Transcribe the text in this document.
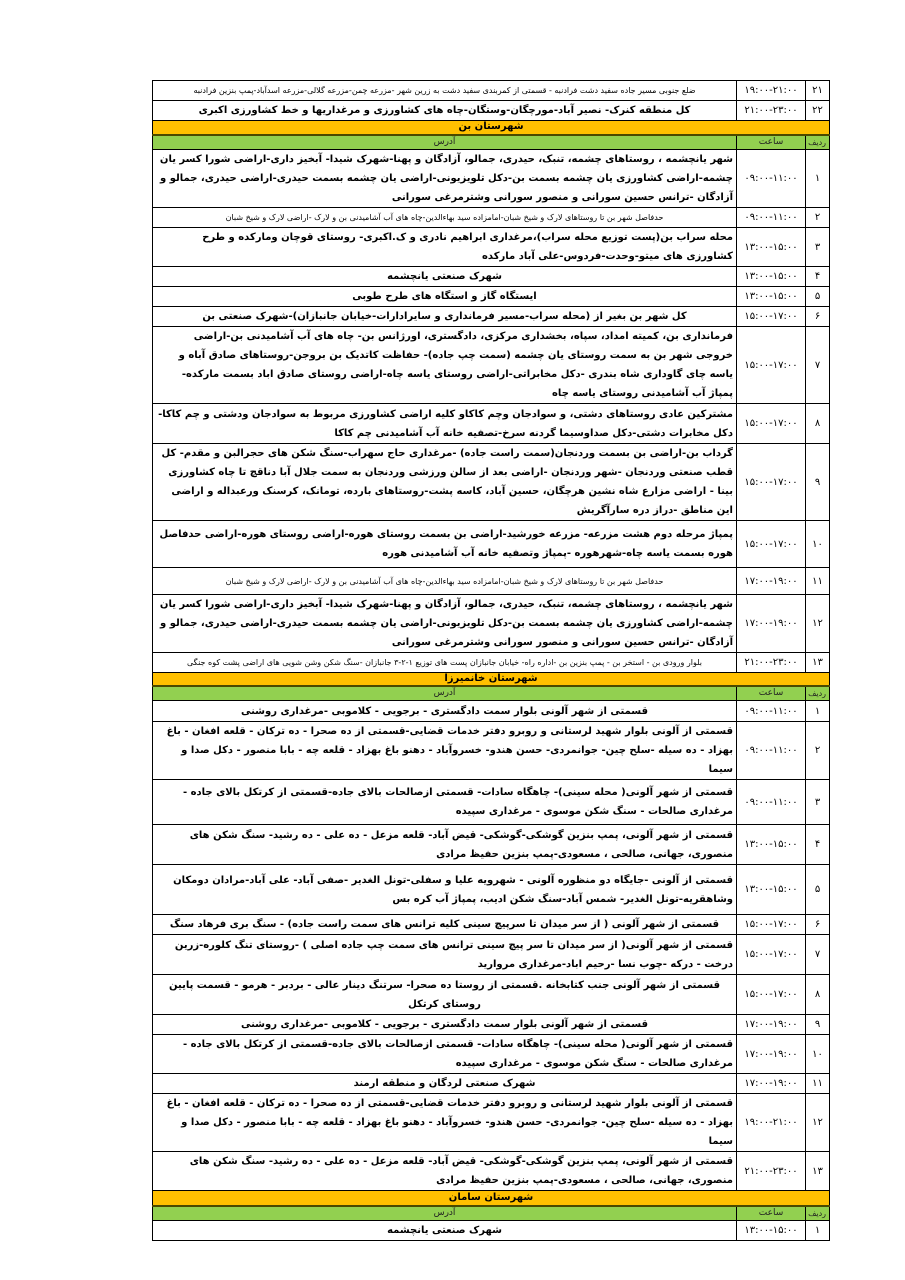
۲۱	۱۹:۰۰-۲۱:۰۰	ضلع جنوبی مسیر جاده سفید دشت فرادنبه - قسمتی از کمربندی سفید دشت به زرین شهر -مزرعه چمن-مزرعه گلالی-مزرعه اسدآباد-پمپ بنزین فرادنبه
۲۲	۲۱:۰۰-۲۳:۰۰	کل منطقه کنرک- نصیر آباد-مورچگان-وستگان-چاه های کشاورزی و مرغداریها و خط کشاورزی اکبری
شهرستان بن		
ردیف	ساعت	آدرس
۱	۰۹:۰۰-۱۱:۰۰	شهر یانچشمه ، روستاهای چشمه، تنبک، حیدری، جمالو، آزادگان و پهنا-شهرک شیدا- آبخیز داری-اراضی شورا کسر یان چشمه-اراضی کشاورزی یان چشمه بسمت بن-دکل تلویزیونی-اراضی یان چشمه بسمت حیدری-اراضی حیدری، جمالو و آزادگان -ترانس حسین سورانی و منصور سورانی وشترمرغی سورانی
۲	۰۹:۰۰-۱۱:۰۰	حدفاصل شهر بن تا روستاهای لارک و شیخ شبان-امامزاده سید بهاءالدین-چاه های آب آشامیدنی بن و لارک -اراضی لارک و شیخ شبان
۳	۱۳:۰۰-۱۵:۰۰	محله سراب بن(پست توزیع محله سراب)،مرغداری ابراهیم نادری و ک.اکبری- روستای قوچان ومارکده و طرح کشاورزی های میتو-وحدت-فردوس-علی آباد مارکده
۴	۱۳:۰۰-۱۵:۰۰	شهرک صنعتی یانچشمه
۵	۱۳:۰۰-۱۵:۰۰	ایستگاه گاز و استگاه های طرح طوبی
۶	۱۵:۰۰-۱۷:۰۰	کل شهر بن بغیر از (محله سراب-مسیر فرمانداری و سایرادارات-خیابان جانبازان)-شهرک صنعتی بن
۷	۱۵:۰۰-۱۷:۰۰	فرمانداری بن، کمیته امداد، سپاه، بخشداری مرکزی، دادگستری، اورژانس بن- چاه های آب آشامیدنی بن-اراضی خروجی شهر بن به سمت روستای یان چشمه (سمت چپ جاده)- حفاظت کاتدیک بن بروجن-روستاهای صادق آباه و یاسه چای گاوداری شاه بندری -دکل مخابراتی-اراضی روستای یاسه چاه-اراضی روستای صادق اباد بسمت مارکده- پمپاژ آب آشامیدنی روستای یاسه چاه
۸	۱۵:۰۰-۱۷:۰۰	مشترکین عادی روستاهای دشتی، و سوادجان وچم کاکاو کلیه اراضی کشاورزی مربوط به سوادجان ودشتی و چم کاکا-دکل مخابرات دشتی-دکل صداوسیما گردنه سرخ-تصفیه خانه آب آشامیدنی چم کاکا
۹	۱۵:۰۰-۱۷:۰۰	گرداب بن-اراضی بن بسمت وردنجان(سمت راست جاده) -مرغداری حاج سهراب-سنگ شکن های حجرالبن و مقدم- کل قطب صنعتی وردنجان -شهر وردنجان -اراضی بعد از سالن ورزشی وردنجان به سمت جلال آبا دناقچ تا چاه کشاورزی بینا - اراضی مزارع شاه نشین هرچگان، حسین آباد، کاسه پشت-روستاهای بارده، تومانک، کرسنک ورعبداله و اراضی این مناطق -دراز دره سارآگریش
۱۰	۱۵:۰۰-۱۷:۰۰	پمپاژ مرحله دوم هشت مزرعه- مزرعه خورشید-اراضی بن بسمت روستای هوره-اراضی روستای هوره-اراضی حدفاصل هوره بسمت یاسه چاه-شهرهوره -پمپاژ وتصفیه خانه آب آشامیدنی هوره
۱۱	۱۷:۰۰-۱۹:۰۰	حدفاصل شهر بن تا روستاهای لارک و شیخ شبان-امامزاده سید بهاءالدین-چاه های آب آشامیدنی بن و لارک -اراضی لارک و شیخ شبان
۱۲	۱۷:۰۰-۱۹:۰۰	شهر یانچشمه ، روستاهای چشمه، تنبک، حیدری، جمالو، آزادگان و پهنا-شهرک شیدا- آبخیز داری-اراضی شورا کسر یان چشمه-اراضی کشاورزی یان چشمه بسمت بن-دکل تلویزیونی-اراضی یان چشمه بسمت حیدری-اراضی حیدری، جمالو و آزادگان -ترانس حسین سورانی و منصور سورانی وشترمرغی سورانی
۱۳	۲۱:۰۰-۲۳:۰۰	بلوار ورودی بن - استخر بن - پمپ بنزین بن -اداره راه- خیابان جانبازان پست های توزیع ۱-۲-۳ جانبازان -سنگ شکن وشن شویی های اراضی پشت کوه جنگی
شهرستان خانمیرزا		
ردیف	ساعت	آدرس
۱	۰۹:۰۰-۱۱:۰۰	قسمتی از شهر آلونی بلوار سمت دادگستری - برجویی - کلاموبی -مرغداری روشنی
۲	۰۹:۰۰-۱۱:۰۰	قسمتی از آلونی بلوار شهید لرستانی و روبرو دفتر خدمات قضایی-قسمتی از ده صحرا - ده ترکان - قلعه افغان - باغ بهزاد - ده سیله -سلح چین- جوانمردی- حسن هندو- خسروآباد - دهنو باغ بهزاد - قلعه چه - بابا منصور - دکل صدا و سیما
۳	۰۹:۰۰-۱۱:۰۰	قسمتی از شهر آلونی( محله سینی)- چاهگاه سادات- قسمتی ازصالحات بالای جاده-قسمتی از کرتکل بالای جاده - مرغداری صالحات - سنگ شکن موسوی - مرغداری سپیده
۴	۱۳:۰۰-۱۵:۰۰	قسمتی از شهر آلونی، پمپ بنزین گوشکی-گوشکی- قیض آباد- قلعه مزعل - ده علی - ده رشید- سنگ شکن های منصوری، جهانی، صالحی ، مسعودی-پمپ بنزین حفیظ مرادی
۵	۱۳:۰۰-۱۵:۰۰	قسمتی از آلونی -جایگاه دو منظوره آلونی - شهرویه علیا و سفلی-تونل الغدیر -صفی آباد- علی آباد-مرادان دومکان وشاهقریه-تونل الغدیر- شمس آباد-سنگ شکن ادیب، پمپاژ آب کره بس
۶	۱۵:۰۰-۱۷:۰۰	قسمتی از شهر آلونی ( از سر میدان تا سرپیچ سینی کلیه ترانس های سمت راست جاده) - سنگ بری فرهاد سنگ
۷	۱۵:۰۰-۱۷:۰۰	قسمتی از شهر آلونی( از سر میدان تا سر پیچ سینی ترانس های سمت چپ جاده اصلی ) -روستای تنگ کلوره-زرین درخت - درکه -چوب نسا -رحیم اباد-مرغداری مروارید
۸	۱۵:۰۰-۱۷:۰۰	قسمتی از شهر آلونی جنب کتابخانه .قسمتی از روستا ده صحرا- سرتنگ دینار عالی - بردبر - هرمو - قسمت پایین روستای کرتکل
۹	۱۷:۰۰-۱۹:۰۰	قسمتی از شهر آلونی بلوار سمت دادگستری - برجویی - کلاموبی -مرغداری روشنی
۱۰	۱۷:۰۰-۱۹:۰۰	قسمتی از شهر آلونی( محله سینی)- چاهگاه سادات- قسمتی ازصالحات بالای جاده-قسمتی از کرتکل بالای جاده - مرغداری صالحات - سنگ شکن موسوی - مرغداری سپیده
۱۱	۱۷:۰۰-۱۹:۰۰	شهرک صنعتی لردگان و منطقه ارمند
۱۲	۱۹:۰۰-۲۱:۰۰	قسمتی از آلونی بلوار شهید لرستانی و روبرو دفتر خدمات قضایی-قسمتی از ده صحرا - ده ترکان - قلعه افغان - باغ بهزاد - ده سیله -سلح چین- جوانمردی- حسن هندو- خسروآباد - دهنو باغ بهزاد - قلعه چه - بابا منصور - دکل صدا و سیما
۱۳	۲۱:۰۰-۲۳:۰۰	قسمتی از شهر آلونی، پمپ بنزین گوشکی-گوشکی- قیض آباد- قلعه مزعل - ده علی - ده رشید- سنگ شکن های منصوری، جهانی، صالحی ، مسعودی-پمپ بنزین حفیظ مرادی
شهرستان سامان		
ردیف	ساعت	آدرس
۱	۱۳:۰۰-۱۵:۰۰	شهرک صنعتی یانچشمه
